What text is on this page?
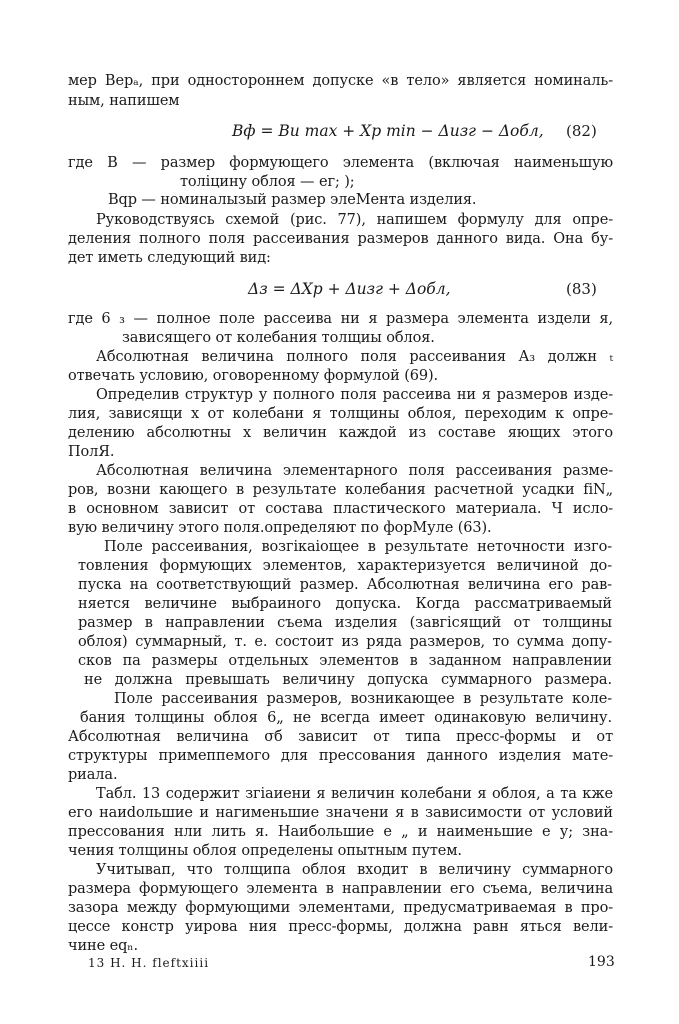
мер Верₐ, при одностороннем допуске «в тело» является номиналь-
ным, напишем
Bф = Bu max + Xp min − Δизг − Δобл, (82)
где B — размер формующего элемента (включая наименьшую
толіцину облоя — eг; );
Bqр — номиналызый размер элеМента изделия.
Руководствуясь схемой (рис. 77), напишем формулу для опре-
деления полного поля рассеивания размеров данного вида. Она бу-
дет иметь следующий вид:
Δз = ΔXp + Δизг + Δобл,	(83)
где 6 ₃ — полное поле рассеива ни я размера элемента издели я,
зависящего от колебания толщиы облоя.
Абсолютная величина полного поля рассеивания А₃ должн ₜ
отвечать условию, оговоренному формулой (69).
Определив структур у полного поля рассеива ни я размеров изде-
лия, зависящи х от колебани я толщины облоя, переходим к опре-
делению абсолютны х величин каждой из составе яющих этого
ПолЯ.
Абсолютная величина элементарного поля рассеивания разме-
ров, возни кающего в результате колебания расчетной усадки fiN„
в основном зависит от состава пластического материала. Ч исло-
вую величину этого поля.определяют по форМуле (63).
Поле рассеивания, возгікаіощее в результате неточности изго-
товления формующих элементов, характеризуется величиной до-
пуска на соответствующий размер. Абсолютная величина его рав-
няется величине выбраиного допуска. Когда рассматриваемый
размер в направлении съема изделия (завгісящий от толщины
облоя) суммарный, т. е. состоит из ряда размеров, то сумма допу-
сков па размеры отдельных элементов в заданном направлении
не должна превышать величину допуска суммарного размера.
Поле рассеивания размеров, возникающее в результате коле-
бания толщины облоя 6„ не всегда имеет одинаковую величину.
Абсолютная величина σб зависит от типа пресс-формы и от
структуры примеппемого для прессования данного изделия мате-
риала.
Табл. 13 содержит згіаиени я величин колебани я облоя, а та кже
его наиdольшие и нагименьшие значени я в зависимости от условий
прессования нли лить я. Наибольшие e „ и наименьшие e у; зна-
чения толщины облоя определены опытным путем.
Учитывап, что толщипа облоя входит в величину суммарного
размера формующего элемента в направлении его съема, величина
зазора между формующими элементами, предусматриваемая в про-
цессе констр уирова ния пресс-формы, должна равн яться вели-
чине eqₙ.
13 Н. Н. fleftxiiii	193
